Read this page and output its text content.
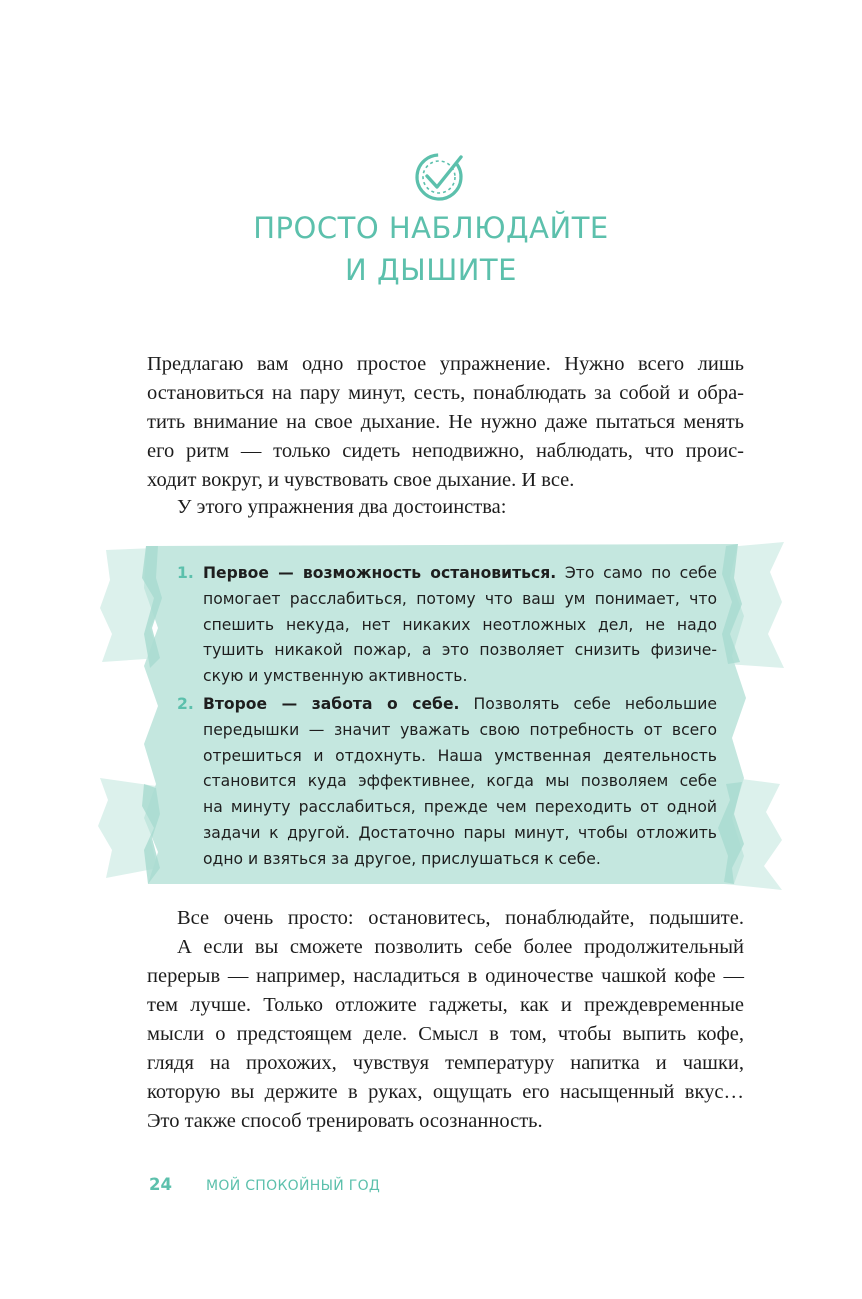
ПРОСТО НАБЛЮДАЙТЕ
И ДЫШИТЕ
Предлагаю вам одно простое упражнение. Нужно всего лишь
остановиться на пару минут, сесть, понаблюдать за собой и обра-
тить внимание на свое дыхание. Не нужно даже пытаться менять
его ритм — только сидеть неподвижно, наблюдать, что проис-
ходит вокруг, и чувствовать свое дыхание. И все.
У этого упражнения два достоинства:
1. Первое — возможность остановиться. Это само по себе
помогает расслабиться, потому что ваш ум понимает, что
спешить некуда, нет никаких неотложных дел, не надо
тушить никакой пожар, а это позволяет снизить физиче-
скую и умственную активность.
2. Второе — забота о себе. Позволять себе небольшие
передышки — значит уважать свою потребность от всего
отрешиться и отдохнуть. Наша умственная деятельность
становится куда эффективнее, когда мы позволяем себе
на минуту расслабиться, прежде чем переходить от одной
задачи к другой. Достаточно пары минут, чтобы отложить
одно и взяться за другое, прислушаться к себе.
Все очень просто: остановитесь, понаблюдайте, подышите.
А если вы сможете позволить себе более продолжительный
перерыв — например, насладиться в одиночестве чашкой кофе —
тем лучше. Только отложите гаджеты, как и преждевременные
мысли о предстоящем деле. Смысл в том, чтобы выпить кофе,
глядя на прохожих, чувствуя температуру напитка и чашки,
которую вы держите в руках, ощущать его насыщенный вкус…
Это также способ тренировать осознанность.
24	МОЙ СПОКОЙНЫЙ ГОД
